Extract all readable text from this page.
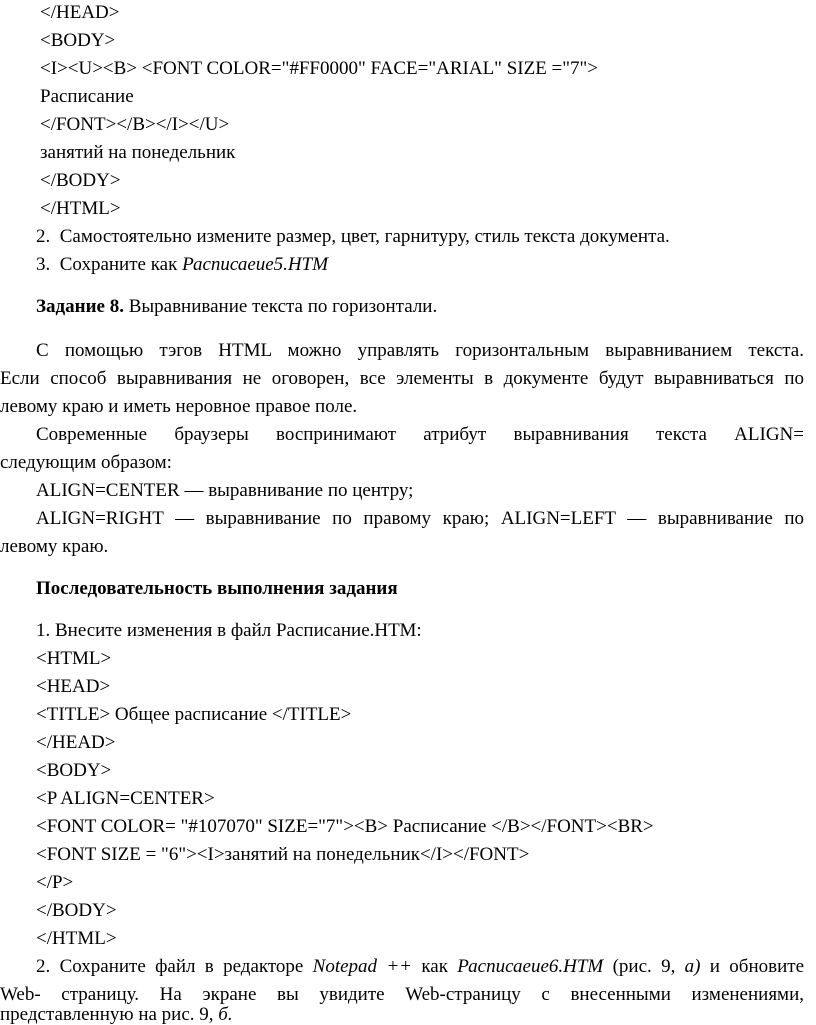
</HEAD>
<BODY>
<I><U><B> <FONT COLOR="#FF0000" FACE="ARIAL" SIZE ="7">
Расписание
</FONT></B></I></U>
занятий на понедельник
</BODY>
</HTML>
2. Самостоятельно измените размер, цвет, гарнитуру, стиль текста документа.
3. Сохраните как Расписаеие5.НТМ
Задание 8. Выравнивание текста по горизонтали.
С помощью тэгов HTML можно управлять горизонтальным выравниванием текста.
Если способ выравнивания не оговорен, все элементы в документе будут выравниваться по
левому краю и иметь неровное правое поле.
Современные браузеры воспринимают атрибут выравнивания текста ALIGN=
следующим образом:
ALIGN=CENTER — выравнивание по центру;
ALIGN=RIGHT — выравнивание по правому краю; ALIGN=LEFT — выравнивание по
левому краю.
Последовательность выполнения задания
1. Внесите изменения в файл Расписание.НТМ:
<HTML>
<HEAD>
<TITLE> Общее расписание </TITLE>
</HEAD>
<BODY>
<P ALIGN=CENTER>
<FONT COLOR= "#107070" SIZE="7"><B> Расписание </B></FONT><BR>
<FONT SIZE = "6"><I>занятий на понедельник</I></FONT>
</P>
</BODY>
</HTML>
2. Сохраните файл в редакторе Notepad ++ как Расписаеие6.НТМ (рис. 9, а) и обновите
Web- страницу. На экране вы увидите Web-страницу с внесенными изменениями,
представленную на рис. 9, б.
